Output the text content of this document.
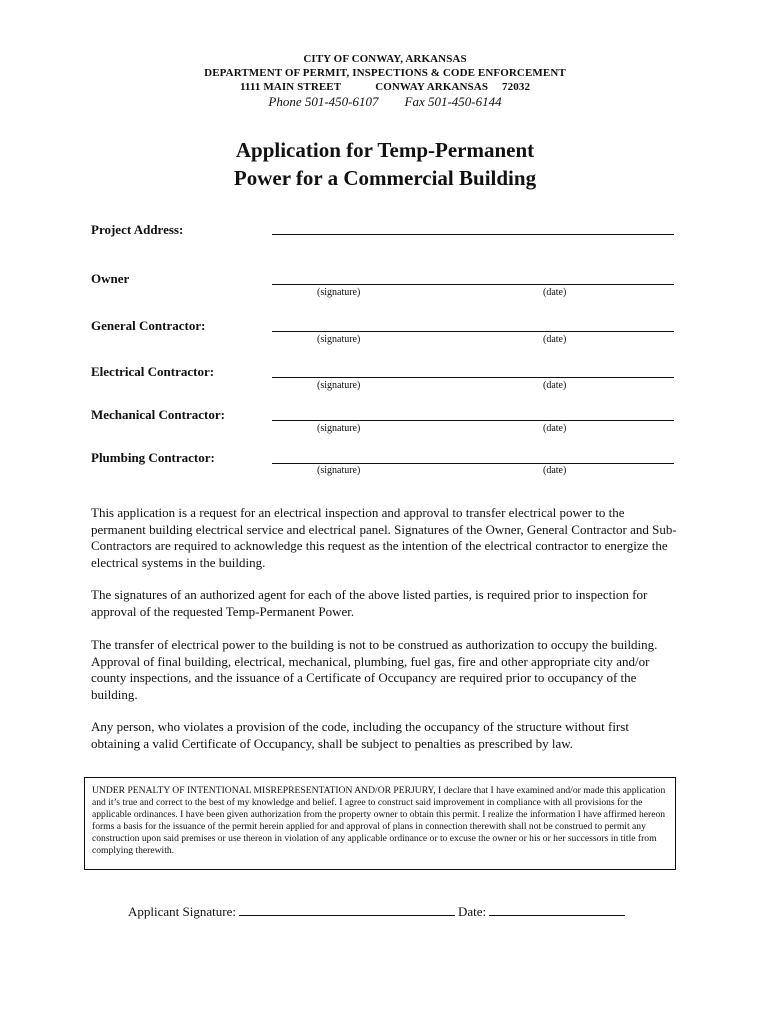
CITY OF CONWAY, ARKANSAS
DEPARTMENT OF PERMIT, INSPECTIONS & CODE ENFORCEMENT
1111 MAIN STREET	CONWAY ARKANSAS 72032
Phone 501-450-6107 Fax 501-450-6144
Application for Temp-Permanent
Power for a Commercial Building
Project Address:
Owner
(signature)	(date)
General Contractor:
(signature)	(date)
Electrical Contractor:
(signature)	(date)
Mechanical Contractor:
(signature)	(date)
Plumbing Contractor:
(signature)	(date)
This application is a request for an electrical inspection and approval to transfer electrical power to the permanent building electrical service and electrical panel. Signatures of the Owner, General Contractor and Sub-Contractors are required to acknowledge this request as the intention of the electrical contractor to energize the electrical systems in the building.
The signatures of an authorized agent for each of the above listed parties, is required prior to inspection for approval of the requested Temp-Permanent Power.
The transfer of electrical power to the building is not to be construed as authorization to occupy the building. Approval of final building, electrical, mechanical, plumbing, fuel gas, fire and other appropriate city and/or county inspections, and the issuance of a Certificate of Occupancy are required prior to occupancy of the building.
Any person, who violates a provision of the code, including the occupancy of the structure without first obtaining a valid Certificate of Occupancy, shall be subject to penalties as prescribed by law.
UNDER PENALTY OF INTENTIONAL MISREPRESENTATION AND/OR PERJURY, I declare that I have examined and/or made this application and it’s true and correct to the best of my knowledge and belief. I agree to construct said improvement in compliance with all provisions for the applicable ordinances. I have been given authorization from the property owner to obtain this permit. I realize the information I have affirmed hereon forms a basis for the issuance of the permit herein applied for and approval of plans in connection therewith shall not be construed to permit any construction upon said premises or use thereon in violation of any applicable ordinance or to excuse the owner or his or her successors in title from complying therewith.
Applicant Signature:	Date:
